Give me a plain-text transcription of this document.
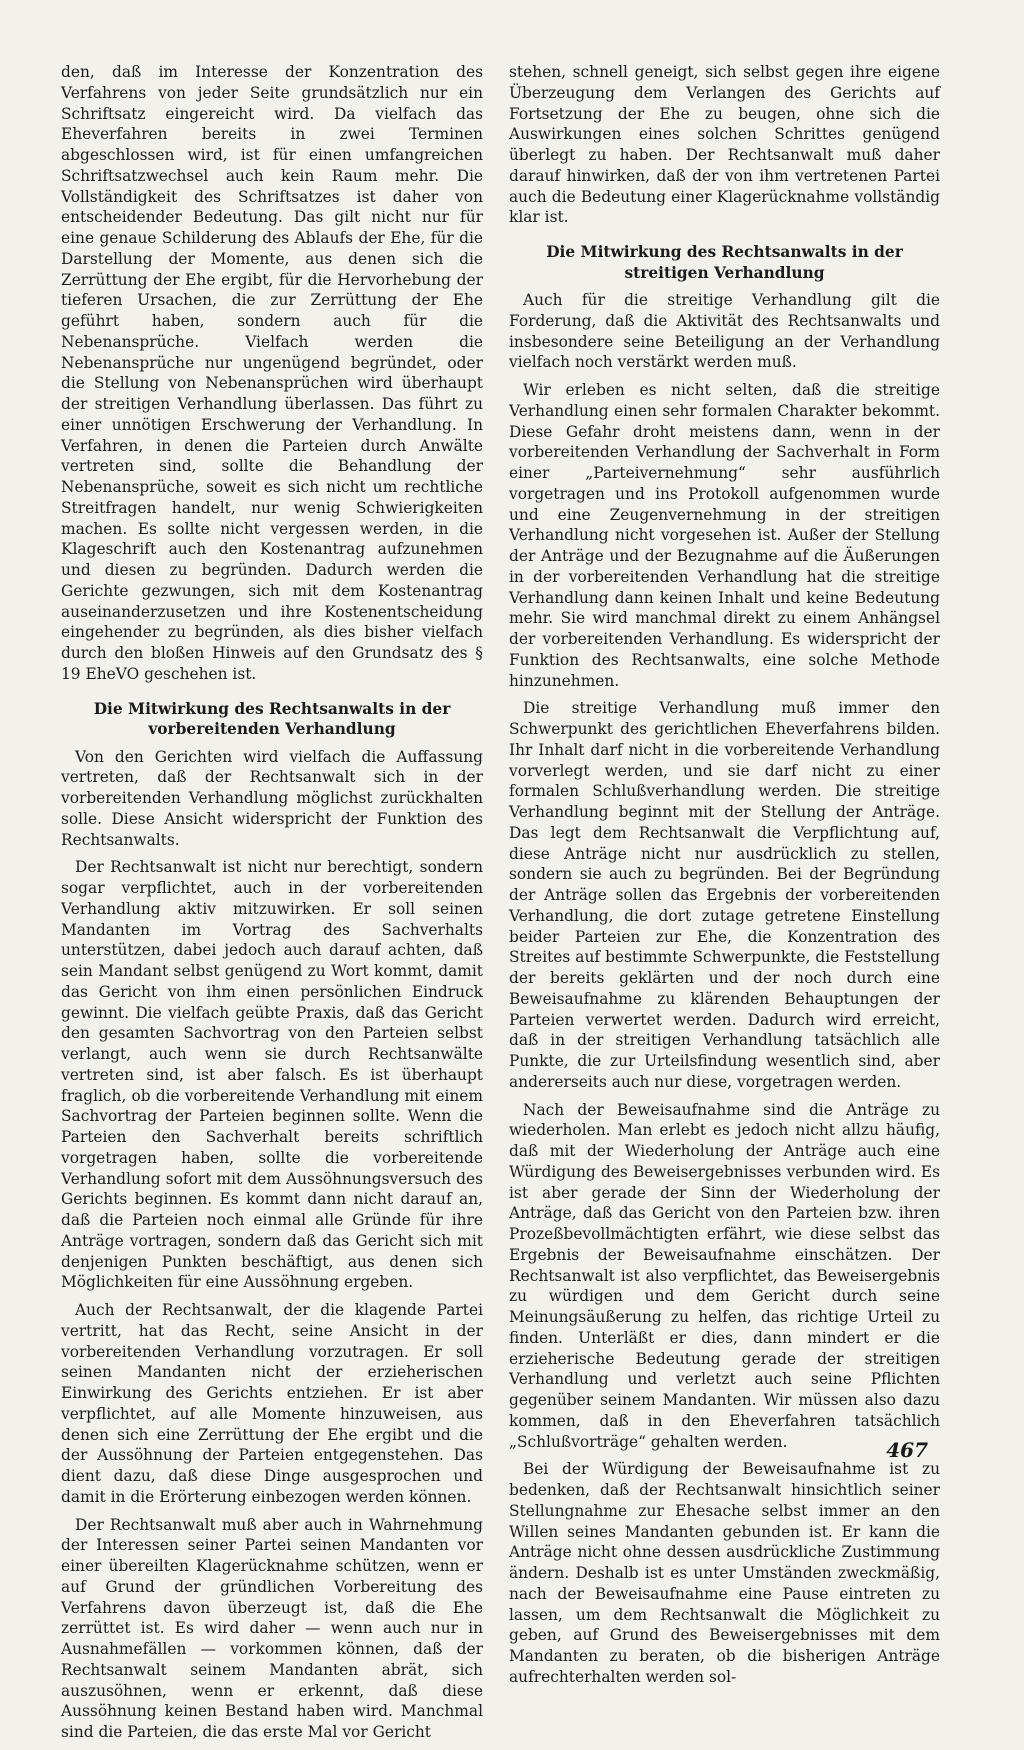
den, daß im Interesse der Konzentration des Verfahrens von jeder Seite grundsätzlich nur ein Schriftsatz eingereicht wird. Da vielfach das Eheverfahren bereits in zwei Terminen abgeschlossen wird, ist für einen umfangreichen Schriftsatzwechsel auch kein Raum mehr. Die Vollständigkeit des Schriftsatzes ist daher von entscheidender Bedeutung. Das gilt nicht nur für eine genaue Schilderung des Ablaufs der Ehe, für die Darstellung der Momente, aus denen sich die Zerrüttung der Ehe ergibt, für die Hervorhebung der tieferen Ursachen, die zur Zerrüttung der Ehe geführt haben, sondern auch für die Nebenansprüche. Vielfach werden die Nebenansprüche nur ungenügend begründet, oder die Stellung von Nebenansprüchen wird überhaupt der streitigen Verhandlung überlassen. Das führt zu einer unnötigen Erschwerung der Verhandlung. In Verfahren, in denen die Parteien durch Anwälte vertreten sind, sollte die Behandlung der Nebenansprüche, soweit es sich nicht um rechtliche Streitfragen handelt, nur wenig Schwierigkeiten machen. Es sollte nicht vergessen werden, in die Klageschrift auch den Kostenantrag aufzunehmen und diesen zu begründen. Dadurch werden die Gerichte gezwungen, sich mit dem Kostenantrag auseinanderzusetzen und ihre Kostenentscheidung eingehender zu begründen, als dies bisher vielfach durch den bloßen Hinweis auf den Grundsatz des § 19 EheVO geschehen ist.

Die Mitwirkung des Rechtsanwalts in der vorbereitenden Verhandlung

Von den Gerichten wird vielfach die Auffassung vertreten, daß der Rechtsanwalt sich in der vorbereitenden Verhandlung möglichst zurückhalten solle. Diese Ansicht widerspricht der Funktion des Rechtsanwalts.

Der Rechtsanwalt ist nicht nur berechtigt, sondern sogar verpflichtet, auch in der vorbereitenden Verhandlung aktiv mitzuwirken. Er soll seinen Mandanten im Vortrag des Sachverhalts unterstützen, dabei jedoch auch darauf achten, daß sein Mandant selbst genügend zu Wort kommt, damit das Gericht von ihm einen persönlichen Eindruck gewinnt. Die vielfach geübte Praxis, daß das Gericht den gesamten Sachvortrag von den Parteien selbst verlangt, auch wenn sie durch Rechtsanwälte vertreten sind, ist aber falsch. Es ist überhaupt fraglich, ob die vorbereitende Verhandlung mit einem Sachvortrag der Parteien beginnen sollte. Wenn die Parteien den Sachverhalt bereits schriftlich vorgetragen haben, sollte die vorbereitende Verhandlung sofort mit dem Aussöhnungsversuch des Gerichts beginnen. Es kommt dann nicht darauf an, daß die Parteien noch einmal alle Gründe für ihre Anträge vortragen, sondern daß das Gericht sich mit denjenigen Punkten beschäftigt, aus denen sich Möglichkeiten für eine Aussöhnung ergeben.

Auch der Rechtsanwalt, der die klagende Partei vertritt, hat das Recht, seine Ansicht in der vorbereitenden Verhandlung vorzutragen. Er soll seinen Mandanten nicht der erzieherischen Einwirkung des Gerichts entziehen. Er ist aber verpflichtet, auf alle Momente hinzuweisen, aus denen sich eine Zerrüttung der Ehe ergibt und die der Aussöhnung der Parteien entgegenstehen. Das dient dazu, daß diese Dinge ausgesprochen und damit in die Erörterung einbezogen werden können.

Der Rechtsanwalt muß aber auch in Wahrnehmung der Interessen seiner Partei seinen Mandanten vor einer übereilten Klagerücknahme schützen, wenn er auf Grund der gründlichen Vorbereitung des Verfahrens davon überzeugt ist, daß die Ehe zerrüttet ist. Es wird daher — wenn auch nur in Ausnahmefällen — vorkommen können, daß der Rechtsanwalt seinem Mandanten abrät, sich auszusöhnen, wenn er erkennt, daß diese Aussöhnung keinen Bestand haben wird. Manchmal sind die Parteien, die das erste Mal vor Gericht

stehen, schnell geneigt, sich selbst gegen ihre eigene Überzeugung dem Verlangen des Gerichts auf Fortsetzung der Ehe zu beugen, ohne sich die Auswirkungen eines solchen Schrittes genügend überlegt zu haben. Der Rechtsanwalt muß daher darauf hinwirken, daß der von ihm vertretenen Partei auch die Bedeutung einer Klagerücknahme vollständig klar ist.

Die Mitwirkung des Rechtsanwalts in der streitigen Verhandlung

Auch für die streitige Verhandlung gilt die Forderung, daß die Aktivität des Rechtsanwalts und insbesondere seine Beteiligung an der Verhandlung vielfach noch verstärkt werden muß.

Wir erleben es nicht selten, daß die streitige Verhandlung einen sehr formalen Charakter bekommt. Diese Gefahr droht meistens dann, wenn in der vorbereitenden Verhandlung der Sachverhalt in Form einer „Parteivernehmung“ sehr ausführlich vorgetragen und ins Protokoll aufgenommen wurde und eine Zeugenvernehmung in der streitigen Verhandlung nicht vorgesehen ist. Außer der Stellung der Anträge und der Bezugnahme auf die Äußerungen in der vorbereitenden Verhandlung hat die streitige Verhandlung dann keinen Inhalt und keine Bedeutung mehr. Sie wird manchmal direkt zu einem Anhängsel der vorbereitenden Verhandlung. Es widerspricht der Funktion des Rechtsanwalts, eine solche Methode hinzunehmen.

Die streitige Verhandlung muß immer den Schwerpunkt des gerichtlichen Eheverfahrens bilden. Ihr Inhalt darf nicht in die vorbereitende Verhandlung vorverlegt werden, und sie darf nicht zu einer formalen Schlußverhandlung werden. Die streitige Verhandlung beginnt mit der Stellung der Anträge. Das legt dem Rechtsanwalt die Verpflichtung auf, diese Anträge nicht nur ausdrücklich zu stellen, sondern sie auch zu begründen. Bei der Begründung der Anträge sollen das Ergebnis der vorbereitenden Verhandlung, die dort zutage getretene Einstellung beider Parteien zur Ehe, die Konzentration des Streites auf bestimmte Schwerpunkte, die Feststellung der bereits geklärten und der noch durch eine Beweisaufnahme zu klärenden Behauptungen der Parteien verwertet werden. Dadurch wird erreicht, daß in der streitigen Verhandlung tatsächlich alle Punkte, die zur Urteilsfindung wesentlich sind, aber andererseits auch nur diese, vorgetragen werden.

Nach der Beweisaufnahme sind die Anträge zu wiederholen. Man erlebt es jedoch nicht allzu häufig, daß mit der Wiederholung der Anträge auch eine Würdigung des Beweisergebnisses verbunden wird. Es ist aber gerade der Sinn der Wiederholung der Anträge, daß das Gericht von den Parteien bzw. ihren Prozeßbevollmächtigten erfährt, wie diese selbst das Ergebnis der Beweisaufnahme einschätzen. Der Rechtsanwalt ist also verpflichtet, das Beweisergebnis zu würdigen und dem Gericht durch seine Meinungsäußerung zu helfen, das richtige Urteil zu finden. Unterläßt er dies, dann mindert er die erzieherische Bedeutung gerade der streitigen Verhandlung und verletzt auch seine Pflichten gegenüber seinem Mandanten. Wir müssen also dazu kommen, daß in den Eheverfahren tatsächlich „Schlußvorträge“ gehalten werden.

Bei der Würdigung der Beweisaufnahme ist zu bedenken, daß der Rechtsanwalt hinsichtlich seiner Stellungnahme zur Ehesache selbst immer an den Willen seines Mandanten gebunden ist. Er kann die Anträge nicht ohne dessen ausdrückliche Zustimmung ändern. Deshalb ist es unter Umständen zweckmäßig, nach der Beweisaufnahme eine Pause eintreten zu lassen, um dem Rechtsanwalt die Möglichkeit zu geben, auf Grund des Beweisergebnisses mit dem Mandanten zu beraten, ob die bisherigen Anträge aufrechterhalten werden sol-

467
